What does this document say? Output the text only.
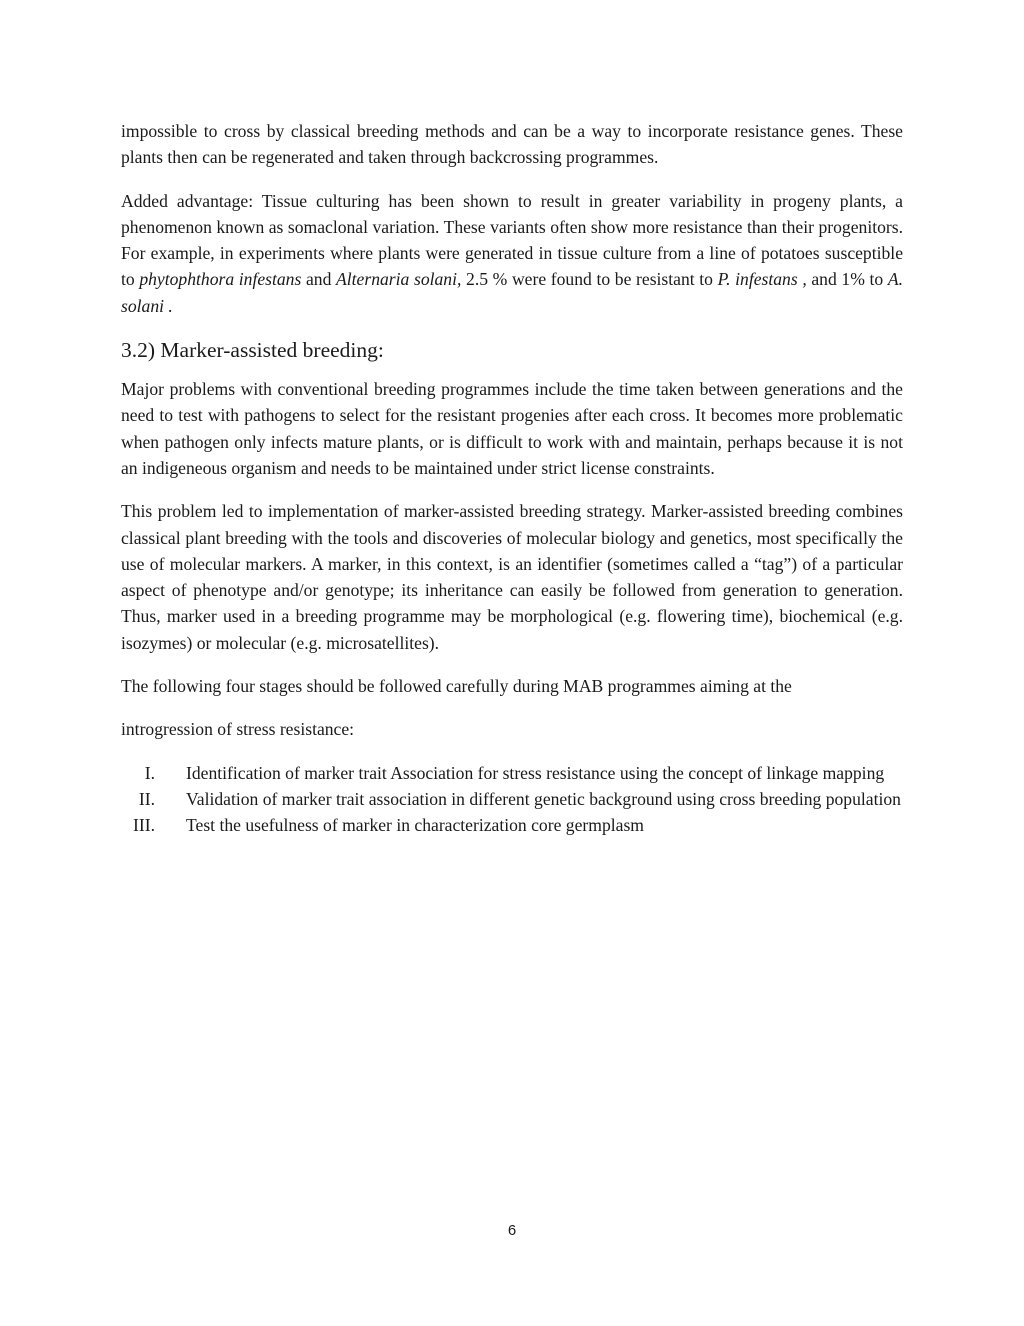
impossible to cross by classical breeding methods and can be a way to incorporate resistance genes. These plants then can be regenerated and taken through backcrossing programmes.

Added advantage: Tissue culturing has been shown to result in greater variability in progeny plants, a phenomenon known as somaclonal variation. These variants often show more resistance than their progenitors. For example, in experiments where plants were generated in tissue culture from a line of potatoes susceptible to phytophthora infestans and Alternaria solani, 2.5 % were found to be resistant to P. infestans , and 1% to A. solani .

3.2) Marker-assisted breeding:

Major problems with conventional breeding programmes include the time taken between generations and the need to test with pathogens to select for the resistant progenies after each cross. It becomes more problematic when pathogen only infects mature plants, or is difficult to work with and maintain, perhaps because it is not an indigeneous organism and needs to be maintained under strict license constraints.

This problem led to implementation of marker-assisted breeding strategy. Marker-assisted breeding combines classical plant breeding with the tools and discoveries of molecular biology and genetics, most specifically the use of molecular markers. A marker, in this context, is an identifier (sometimes called a “tag”) of a particular aspect of phenotype and/or genotype; its inheritance can easily be followed from generation to generation. Thus, marker used in a breeding programme may be morphological (e.g. flowering time), biochemical (e.g. isozymes) or molecular (e.g. microsatellites).

The following four stages should be followed carefully during MAB programmes aiming at the

introgression of stress resistance:

I. Identification of marker trait Association for stress resistance using the concept of linkage mapping
II. Validation of marker trait association in different genetic background using cross breeding population
III. Test the usefulness of marker in characterization core germplasm
6
